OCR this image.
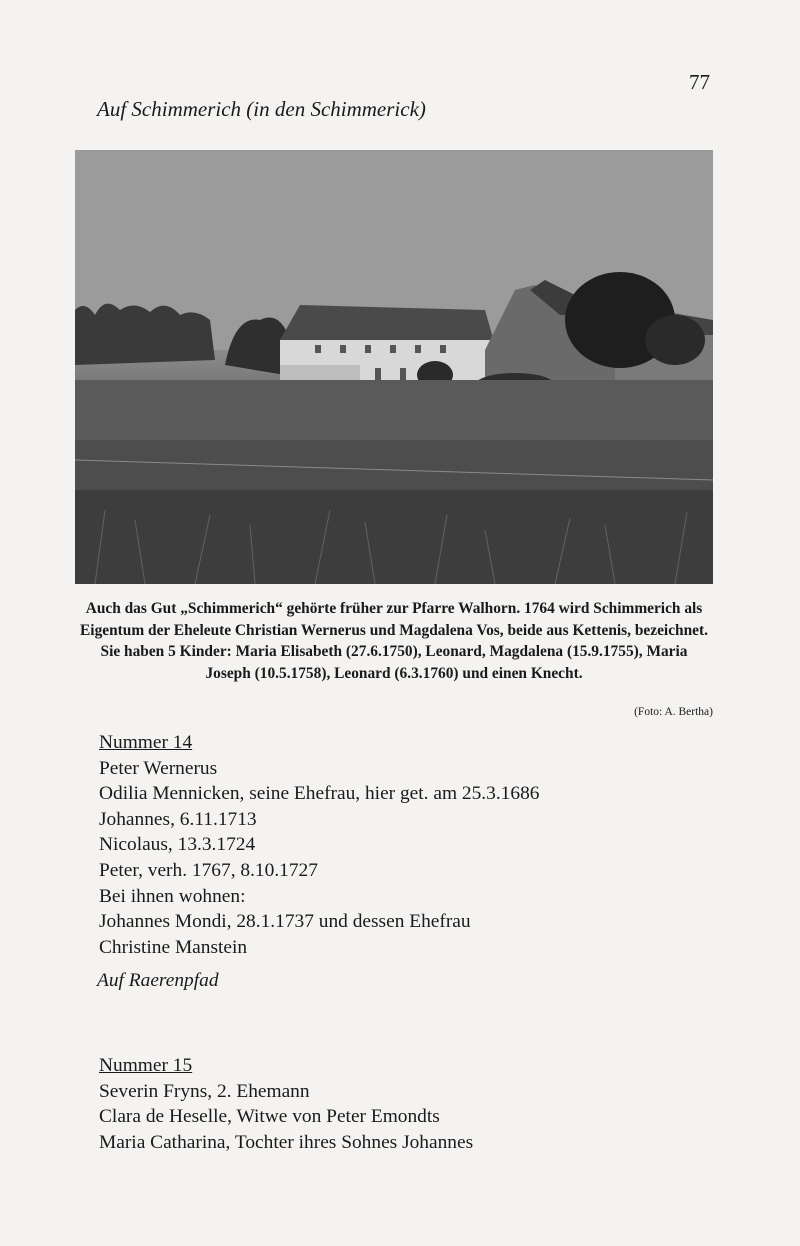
77
Auf Schimmerich (in den Schimmerick)
Auch das Gut „Schimmerich“ gehörte früher zur Pfarre Walhorn. 1764 wird Schimmerich als Eigentum der Eheleute Christian Wernerus und Magdalena Vos, beide aus Kettenis, bezeichnet. Sie haben 5 Kinder: Maria Elisabeth (27.6.1750), Leonard, Magdalena (15.9.1755), Maria Joseph (10.5.1758), Leonard (6.3.1760) und einen Knecht.
(Foto: A. Bertha)
Nummer 14
Peter Wernerus
Odilia Mennicken, seine Ehefrau, hier get. am 25.3.1686
Johannes, 6.11.1713
Nicolaus, 13.3.1724
Peter, verh. 1767, 8.10.1727
Bei ihnen wohnen:
Johannes Mondi, 28.1.1737 und dessen Ehefrau
Christine Manstein
Auf Raerenpfad
Nummer 15
Severin Fryns, 2. Ehemann
Clara de Heselle, Witwe von Peter Emondts
Maria Catharina, Tochter ihres Sohnes Johannes
